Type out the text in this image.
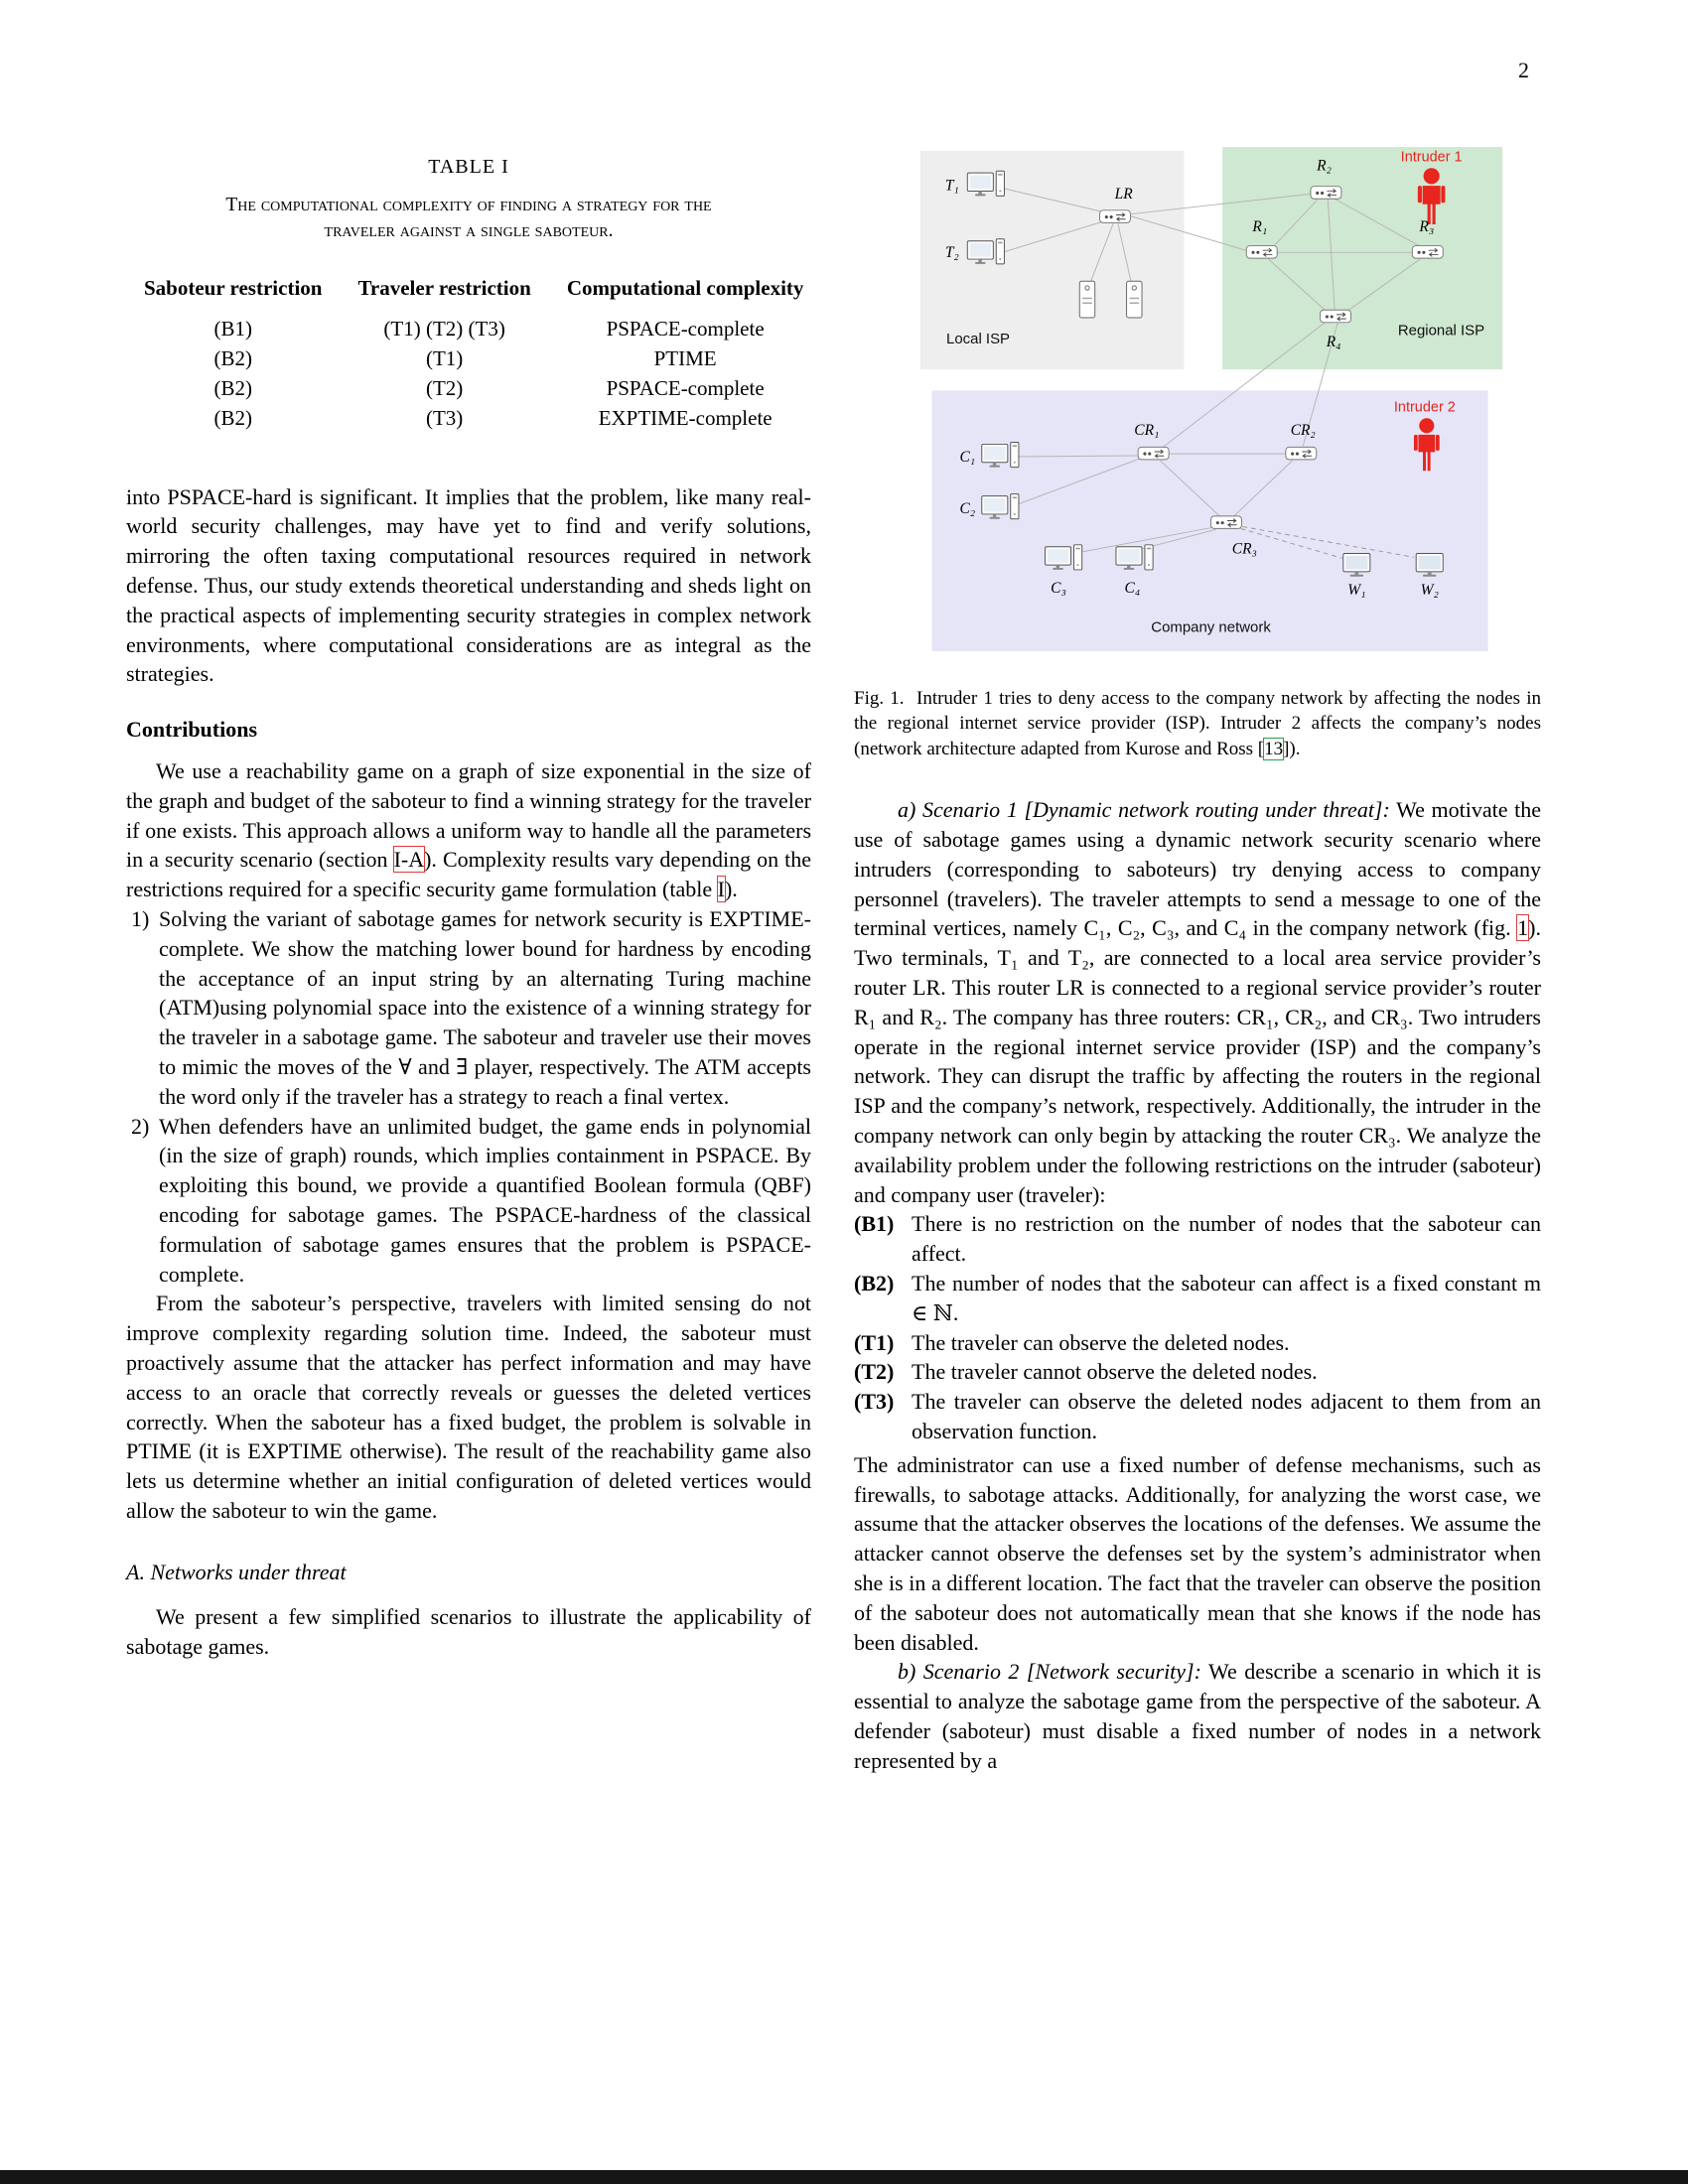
2
TABLE I
The computational complexity of finding a strategy for the traveler against a single saboteur.
Saboteur restriction	Traveler restriction	Computational complexity
(B1)	(T1) (T2) (T3)	PSPACE-complete
(B2)	(T1)	PTIME
(B2)	(T2)	PSPACE-complete
(B2)	(T3)	EXPTIME-complete

into PSPACE-hard is significant. It implies that the problem, like many real-world security challenges, may have yet to find and verify solutions, mirroring the often taxing computational resources required in network defense. Thus, our study extends theoretical understanding and sheds light on the practical aspects of implementing security strategies in complex network environments, where computational considerations are as integral as the strategies.

Contributions

We use a reachability game on a graph of size exponential in the size of the graph and budget of the saboteur to find a winning strategy for the traveler if one exists. This approach allows a uniform way to handle all the parameters in a security scenario (section I-A). Complexity results vary depending on the restrictions required for a specific security game formulation (table I).

1) Solving the variant of sabotage games for network security is EXPTIME-complete. We show the matching lower bound for hardness by encoding the acceptance of an input string by an alternating Turing machine (ATM)using polynomial space into the existence of a winning strategy for the traveler in a sabotage game. The saboteur and traveler use their moves to mimic the moves of the ∀ and ∃ player, respectively. The ATM accepts the word only if the traveler has a strategy to reach a final vertex.

2) When defenders have an unlimited budget, the game ends in polynomial (in the size of graph) rounds, which implies containment in PSPACE. By exploiting this bound, we provide a quantified Boolean formula (QBF) encoding for sabotage games. The PSPACE-hardness of the classical formulation of sabotage games ensures that the problem is PSPACE-complete.

From the saboteur’s perspective, travelers with limited sensing do not improve complexity regarding solution time. Indeed, the saboteur must proactively assume that the attacker has perfect information and may have access to an oracle that correctly reveals or guesses the deleted vertices correctly. When the saboteur has a fixed budget, the problem is solvable in PTIME (it is EXPTIME otherwise). The result of the reachability game also lets us determine whether an initial configuration of deleted vertices would allow the saboteur to win the game.

A. Networks under threat

We present a few simplified scenarios to illustrate the applicability of sabotage games.

T₁
T₂
LR
R₂
R₁	R₃
R₄
CR₁	CR₂
CR₃
C₁
C₂
C₃	C₄	W₁	W₂
Local ISP
Regional ISP
Company network
Intruder 1
Intruder 2

Fig. 1.  Intruder 1 tries to deny access to the company network by affecting the nodes in the regional internet service provider (ISP). Intruder 2 affects the company’s nodes (network architecture adapted from Kurose and Ross [13]).

a) Scenario 1 [Dynamic network routing under threat]: We motivate the use of sabotage games using a dynamic network security scenario where intruders (corresponding to saboteurs) try denying access to company personnel (travelers). The traveler attempts to send a message to one of the terminal vertices, namely C₁, C₂, C₃, and C₄ in the company network (fig. 1). Two terminals, T₁ and T₂, are connected to a local area service provider’s router LR. This router LR is connected to a regional service provider’s router R₁ and R₂. The company has three routers: CR₁, CR₂, and CR₃. Two intruders operate in the regional internet service provider (ISP) and the company’s network. They can disrupt the traffic by affecting the routers in the regional ISP and the company’s network, respectively. Additionally, the intruder in the company network can only begin by attacking the router CR₃. We analyze the availability problem under the following restrictions on the intruder (saboteur) and company user (traveler):

(B1) There is no restriction on the number of nodes that the saboteur can affect.

(B2) The number of nodes that the saboteur can affect is a fixed constant m ∈ ℕ.

(T1) The traveler can observe the deleted nodes.

(T2) The traveler cannot observe the deleted nodes.

(T3) The traveler can observe the deleted nodes adjacent to them from an observation function.

The administrator can use a fixed number of defense mechanisms, such as firewalls, to sabotage attacks. Additionally, for analyzing the worst case, we assume that the attacker observes the locations of the defenses. We assume the attacker cannot observe the defenses set by the system’s administrator when she is in a different location. The fact that the traveler can observe the position of the saboteur does not automatically mean that she knows if the node has been disabled.

b) Scenario 2 [Network security]: We describe a scenario in which it is essential to analyze the sabotage game from the perspective of the saboteur. A defender (saboteur) must disable a fixed number of nodes in a network represented by a
